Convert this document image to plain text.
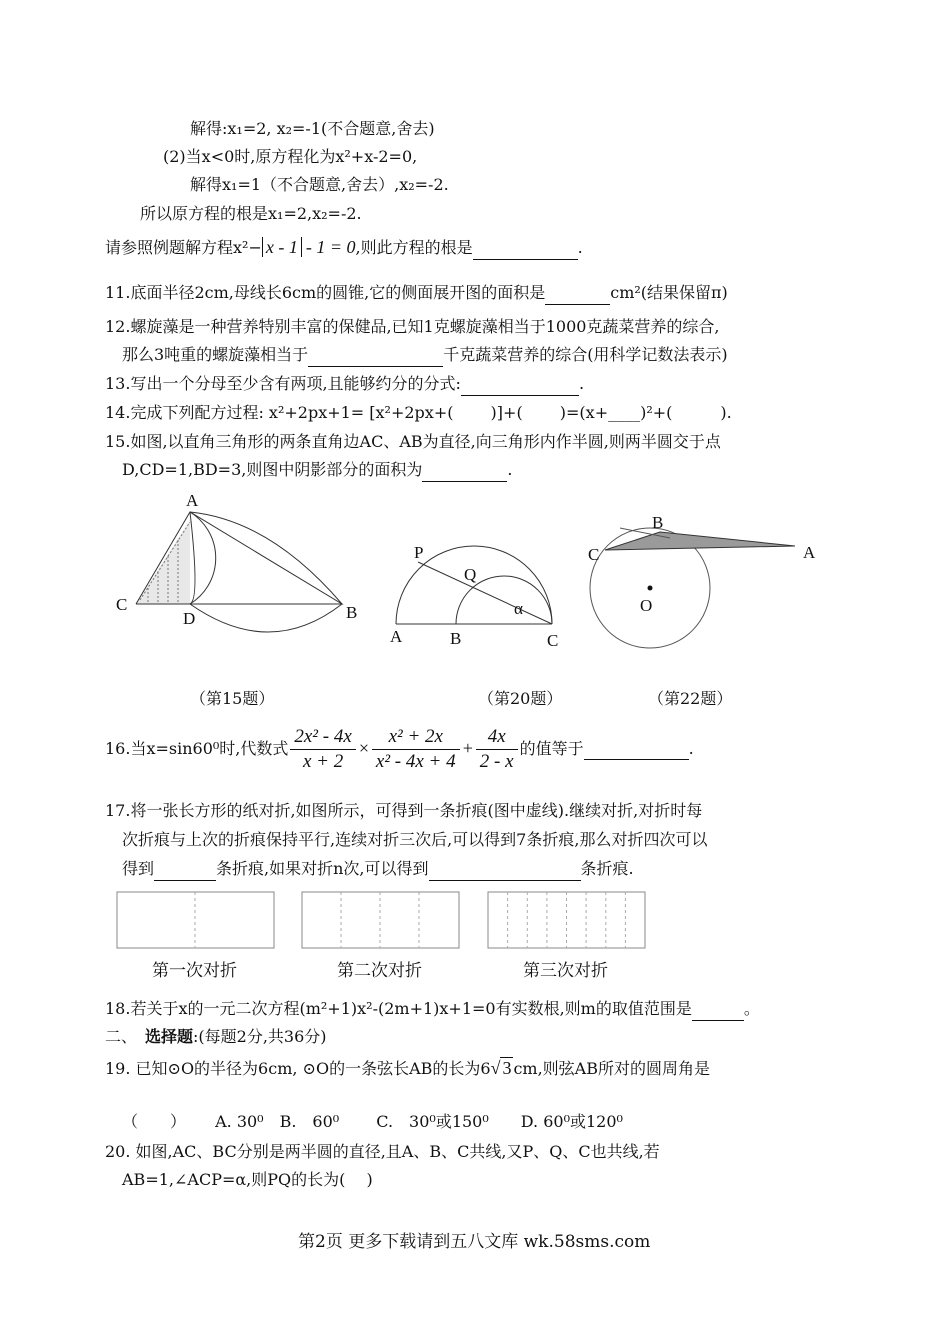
解得:x₁=2, x₂=-1(不合题意,舍去)
(2)当x<0时,原方程化为x²+x-2=0,
解得x₁=1（不合题意,舍去）,x₂=-2.
所以原方程的根是x₁=2,x₂=-2.
请参照例题解方程x²− x - 1 - 1 = 0,则此方程的根是	.
11.底面半径2cm,母线长6cm的圆锥,它的侧面展开图的面积是	cm²(结果保留π)
12.螺旋藻是一种营养特别丰富的保健品,已知1克螺旋藻相当于1000克蔬菜营养的综合,
那么3吨重的螺旋藻相当于	千克蔬菜营养的综合(用科学记数法表示)
13.写出一个分母至少含有两项,且能够约分的分式:	.
14.完成下列配方过程: x²+2px+1= [x²+2px+(　　 )]+(　　 )=(x+____)²+(　　　).
15.如图,以直角三角形的两条直角边AC、AB为直径,向三角形内作半圆,则两半圆交于点
D,CD=1,BD=3,则图中阴影部分的面积为	.
A
B
C
D
P
Q
α
A	B	C
B
C	A
O
（第15题）	（第20题）	（第22题）
16.当x=sin60⁰时,代数式 $\frac{\text{2x² - 4x}}{x + 2} \times \frac{\text{x² + 2x}}{\text{x² - 4x + 4}} + \frac{4x}{2 - x}$ 的值等于	.
17.将一张长方形的纸对折,如图所示，可得到一条折痕(图中虚线).继续对折,对折时每
次折痕与上次的折痕保持平行,连续对折三次后,可以得到7条折痕,那么对折四次可以
得到	条折痕,如果对折n次,可以得到	条折痕.
第一次对折	第二次对折	第三次对折
18.若关于x的一元二次方程(m²+1)x²-(2m+1)x+1=0有实数根,则m的取值范围是	。
二、 选择题:(每题2分,共36分)
19. 已知⊙O的半径为6cm, ⊙O的一条弦长AB的长为6√ 3 cm,则弦AB所对的圆周角是
（　　）　　 A. 30⁰　B.　60⁰　　 C.　30⁰或150⁰　　D. 60⁰或120⁰
20. 如图,AC、BC分别是两半圆的直径,且A、B、C共线,又P、Q、C也共线,若
AB=1,∠ACP=α,则PQ的长为(　 )
第2页 更多下载请到五八文库 wk.58sms.com
